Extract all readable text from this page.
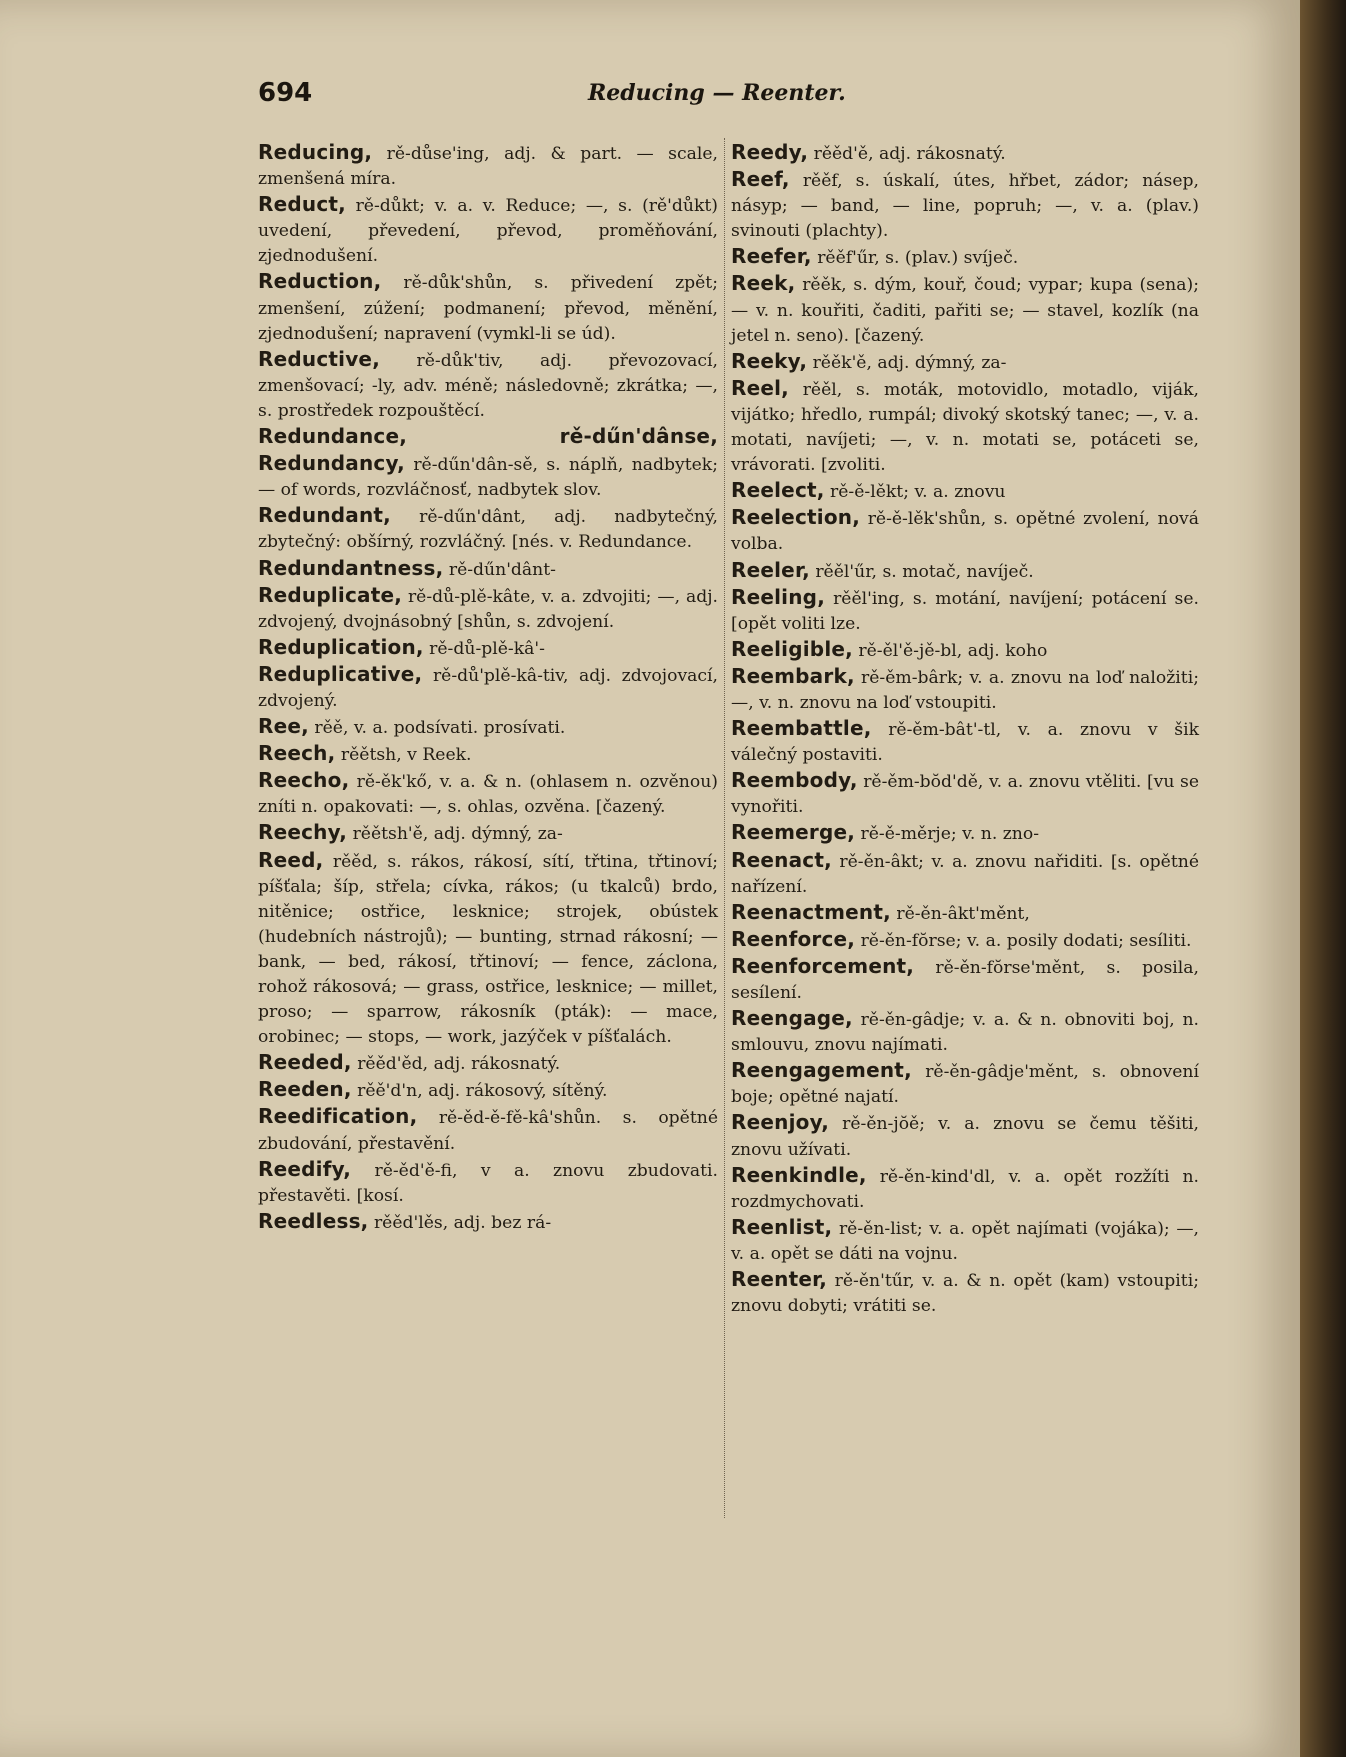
694	Reducing — Reenter.

Reducing, rě-důse'ing, adj. & part. — scale, zmenšená míra.

Reduct, rě-důkt; v. a. v. Reduce; —, s. (rě'důkt) uvedení, převedení, převod, proměňování, zjednodušení.

Reduction, rě-důk'shůn, s. přivedení zpět; zmenšení, zúžení; podmanení; převod, měnění, zjednodušení; napravení (vymkl-li se úd).

Reductive, rě-důk'tiv, adj. převozovací, zmenšovací; -ly, adv. méně; následovně; zkrátka; —, s. prostředek rozpouštěcí.

Redundance, rě-dűn'dânse, Redundancy, rě-dűn'dân-sě, s. náplň, nadbytek; — of words, rozvláčnosť, nadbytek slov.

Redundant, rě-dűn'dânt, adj. nadbytečný, zbytečný: obšírný, rozvláčný. [nés. v. Redundance.

Redundantness, rě-dűn'dânt-

Reduplicate, rě-dů-plě-kâte, v. a. zdvojiti; —, adj. zdvojený, dvojnásobný [shůn, s. zdvojení.

Reduplication, rě-dů-plě-kâ'-

Reduplicative, rě-dů'plě-kâ-tiv, adj. zdvojovací, zdvojený.

Ree, rěě, v. a. podsívati. prosívati.

Reech, rěětsh, v Reek.

Reecho, rě-ěk'kő, v. a. & n. (ohlasem n. ozvěnou) zníti n. opakovati: —, s. ohlas, ozvěna. [čazený.

Reechy, rěětsh'ě, adj. dýmný, za-

Reed, rěěd, s. rákos, rákosí, sítí, třtina, třtinoví; píšťala; šíp, střela; cívka, rákos; (u tkalců) brdo, nitěnice; ostřice, lesknice; strojek, obústek (hudebních nástrojů); — bunting, strnad rákosní; — bank, — bed, rákosí, třtinoví; — fence, záclona, rohož rákosová; — grass, ostřice, lesknice; — millet, proso; — sparrow, rákosník (pták): — mace, orobinec; — stops, — work, jazýček v píšťalách.

Reeded, rěěd'ěd, adj. rákosnatý.

Reeden, rěě'd'n, adj. rákosový, sítěný.

Reedification, rě-ěd-ě-fě-kâ'shůn. s. opětné zbudování, přestavění.

Reedify, rě-ěd'ě-fi, v a. znovu zbudovati. přestavěti. [kosí.

Reedless, rěěd'lěs, adj. bez rá-

Reedy, rěěd'ě, adj. rákosnatý.

Reef, rěěf, s. úskalí, útes, hřbet, zádor; násep, násyp; — band, — line, popruh; —, v. a. (plav.) svinouti (plachty).

Reefer, rěěf'űr, s. (plav.) svíječ.

Reek, rěěk, s. dým, kouř, čoud; vypar; kupa (sena); — v. n. kouřiti, čaditi, pařiti se; — stavel, kozlík (na jetel n. seno). [čazený.

Reeky, rěěk'ě, adj. dýmný, za-

Reel, rěěl, s. moták, motovidlo, motadlo, viják, vijátko; hředlo, rumpál; divoký skotský tanec; —, v. a. motati, navíjeti; —, v. n. motati se, potáceti se, vrávorati. [zvoliti.

Reelect, rě-ě-lěkt; v. a. znovu

Reelection, rě-ě-lěk'shůn, s. opětné zvolení, nová volba.

Reeler, rěěl'űr, s. motač, navíječ.

Reeling, rěěl'ing, s. motání, navíjení; potácení se. [opět voliti lze.

Reeligible, rě-ěl'ě-jě-bl, adj. koho

Reembark, rě-ěm-bârk; v. a. znovu na loď naložiti; —, v. n. znovu na loď vstoupiti.

Reembattle, rě-ěm-bât'-tl, v. a. znovu v šik válečný postaviti.

Reembody, rě-ěm-bŏd'dě, v. a. znovu vtěliti. [vu se vynořiti.

Reemerge, rě-ě-měrje; v. n. zno-

Reenact, rě-ěn-âkt; v. a. znovu nařiditi. [s. opětné nařízení.

Reenactment, rě-ěn-âkt'měnt,

Reenforce, rě-ěn-fŏrse; v. a. posily dodati; sesíliti.

Reenforcement, rě-ěn-fŏrse'měnt, s. posila, sesílení.

Reengage, rě-ěn-gâdje; v. a. & n. obnoviti boj, n. smlouvu, znovu najímati.

Reengagement, rě-ěn-gâdje'měnt, s. obnovení boje; opětné najatí.

Reenjoy, rě-ěn-jŏě; v. a. znovu se čemu těšiti, znovu užívati.

Reenkindle, rě-ěn-kind'dl, v. a. opět rozžíti n. rozdmychovati.

Reenlist, rě-ěn-list; v. a. opět najímati (vojáka); —, v. a. opět se dáti na vojnu.

Reenter, rě-ěn'tűr, v. a. & n. opět (kam) vstoupiti; znovu dobyti; vrátiti se.
